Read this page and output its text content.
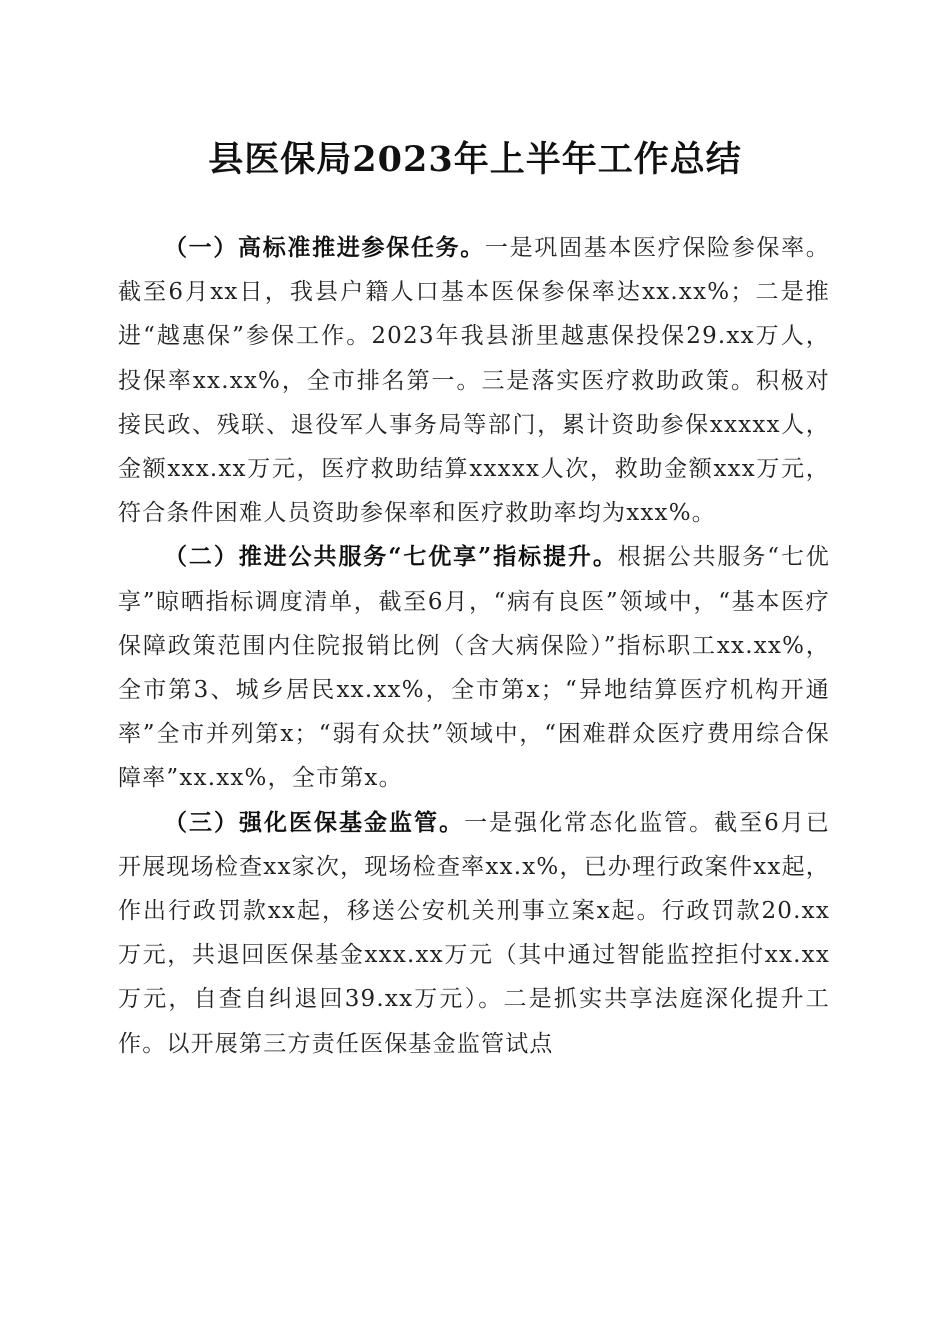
县医保局2023年上半年工作总结

（一）高标准推进参保任务。一是巩固基本医疗保险参保率。截至6月xx日，我县户籍人口基本医保参保率达xx.xx%；二是推进“越惠保”参保工作。2023年我县浙里越惠保投保29.xx万人，投保率xx.xx%，全市排名第一。三是落实医疗救助政策。积极对接民政、残联、退役军人事务局等部门，累计资助参保xxxxx人，金额xxx.xx万元，医疗救助结算xxxxx人次，救助金额xxx万元，符合条件困难人员资助参保率和医疗救助率均为xxx%。

（二）推进公共服务“七优享”指标提升。根据公共服务“七优享”晾晒指标调度清单，截至6月，“病有良医”领域中，“基本医疗保障政策范围内住院报销比例（含大病保险）”指标职工xx.xx%，全市第3、城乡居民xx.xx%，全市第x；“异地结算医疗机构开通率”全市并列第x；“弱有众扶”领域中，“困难群众医疗费用综合保障率”xx.xx%，全市第x。

（三）强化医保基金监管。一是强化常态化监管。截至6月已开展现场检查xx家次，现场检查率xx.x%，已办理行政案件xx起，作出行政罚款xx起，移送公安机关刑事立案x起。行政罚款20.xx万元，共退回医保基金xxx.xx万元（其中通过智能监控拒付xx.xx万元，自查自纠退回39.xx万元）。二是抓实共享法庭深化提升工作。以开展第三方责任医保基金监管试点
